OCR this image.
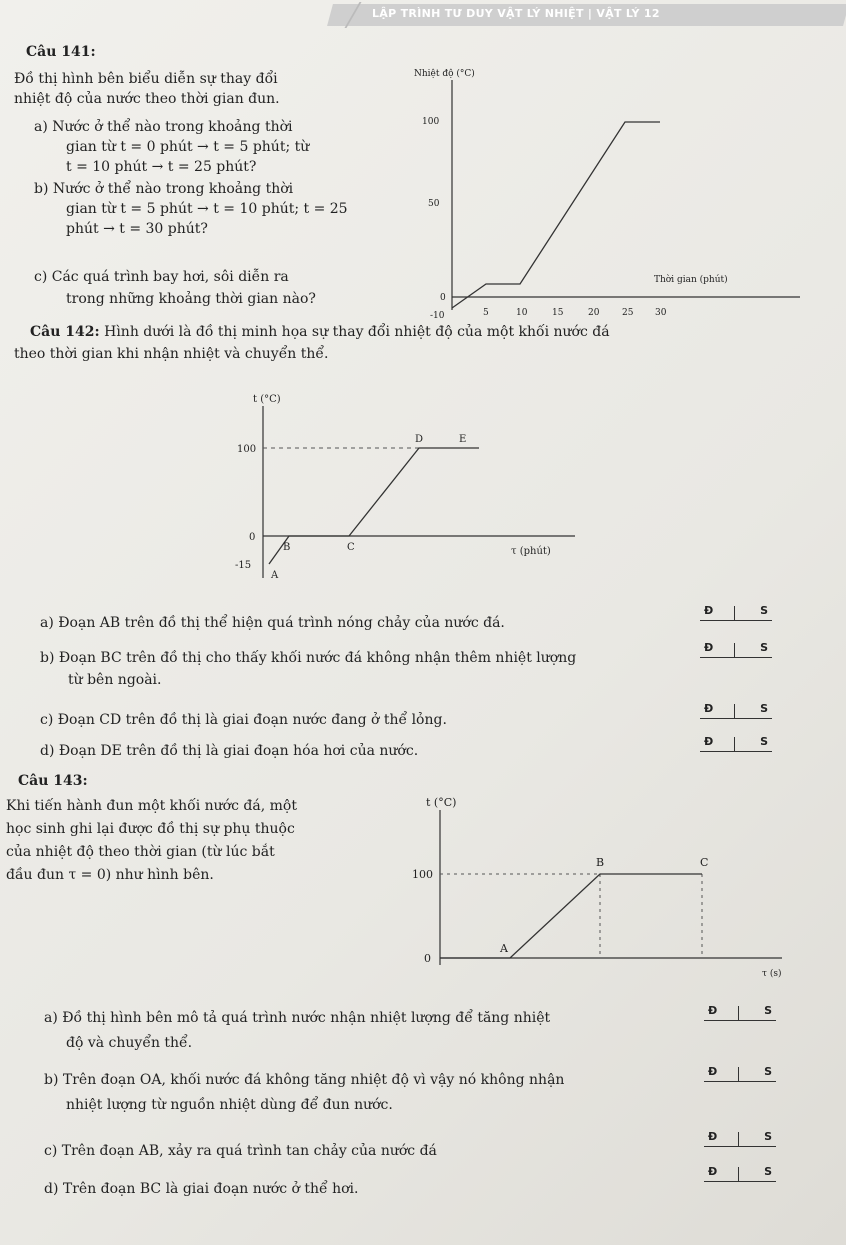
LẬP TRÌNH TƯ DUY VẬT LÝ NHIỆT | VẬT LÝ 12
Câu 141:
Đồ thị hình bên biểu diễn sự thay đổi
nhiệt độ của nước theo thời gian đun.
a) Nước ở thể nào trong khoảng thời
gian từ t = 0 phút → t = 5 phút; từ
t = 10 phút → t = 25 phút?
b) Nước ở thể nào trong khoảng thời
gian từ t = 5 phút → t = 10 phút; t = 25
phút → t = 30 phút?
c) Các quá trình bay hơi, sôi diễn ra
trong những khoảng thời gian nào?
Nhiệt độ (°C)
Thời gian (phút)
100
50
0
-10	5	10	15	20	25 30
Câu 142: Hình dưới là đồ thị minh họa sự thay đổi nhiệt độ của một khối nước đá
theo thời gian khi nhận nhiệt và chuyển thể.
t (°C)
100
0
-15
τ (phút)
A
B	C
D	E
a) Đoạn AB trên đồ thị thể hiện quá trình nóng chảy của nước đá.
Đ	S
b) Đoạn BC trên đồ thị cho thấy khối nước đá không nhận thêm nhiệt lượng
từ bên ngoài.
Đ	S
c) Đoạn CD trên đồ thị là giai đoạn nước đang ở thể lỏng.
Đ	S
d) Đoạn DE trên đồ thị là giai đoạn hóa hơi của nước.
Đ	S
Câu 143:
Khi tiến hành đun một khối nước đá, một
học sinh ghi lại được đồ thị sự phụ thuộc
của nhiệt độ theo thời gian (từ lúc bắt
đầu đun τ = 0) như hình bên.
t (°C)
100
0
τ (s)
A
B	C
a) Đồ thị hình bên mô tả quá trình nước nhận nhiệt lượng để tăng nhiệt
độ và chuyển thể.
Đ	S
b) Trên đoạn OA, khối nước đá không tăng nhiệt độ vì vậy nó không nhận
nhiệt lượng từ nguồn nhiệt dùng để đun nước.
Đ	S
c) Trên đoạn AB, xảy ra quá trình tan chảy của nước đá
Đ	S
d) Trên đoạn BC là giai đoạn nước ở thể hơi.
Đ	S
